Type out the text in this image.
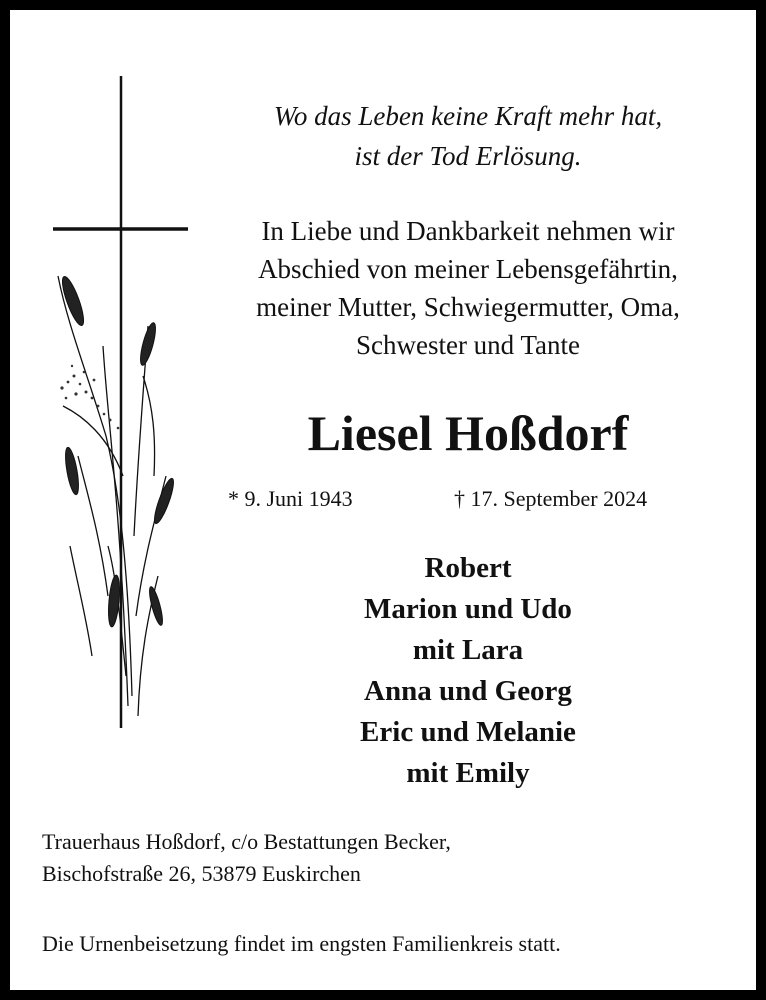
Wo das Leben keine Kraft mehr hat,
ist der Tod Erlösung.
In Liebe und Dankbarkeit nehmen wir
Abschied von meiner Lebensgefährtin,
meiner Mutter, Schwiegermutter, Oma,
Schwester und Tante
Liesel Hoßdorf
* 9. Juni 1943	† 17. September 2024
Robert
Marion und Udo
mit Lara
Anna und Georg
Eric und Melanie
mit Emily
Trauerhaus Hoßdorf, c/o Bestattungen Becker,
Bischofstraße 26, 53879 Euskirchen
Die Urnenbeisetzung findet im engsten Familienkreis statt.
